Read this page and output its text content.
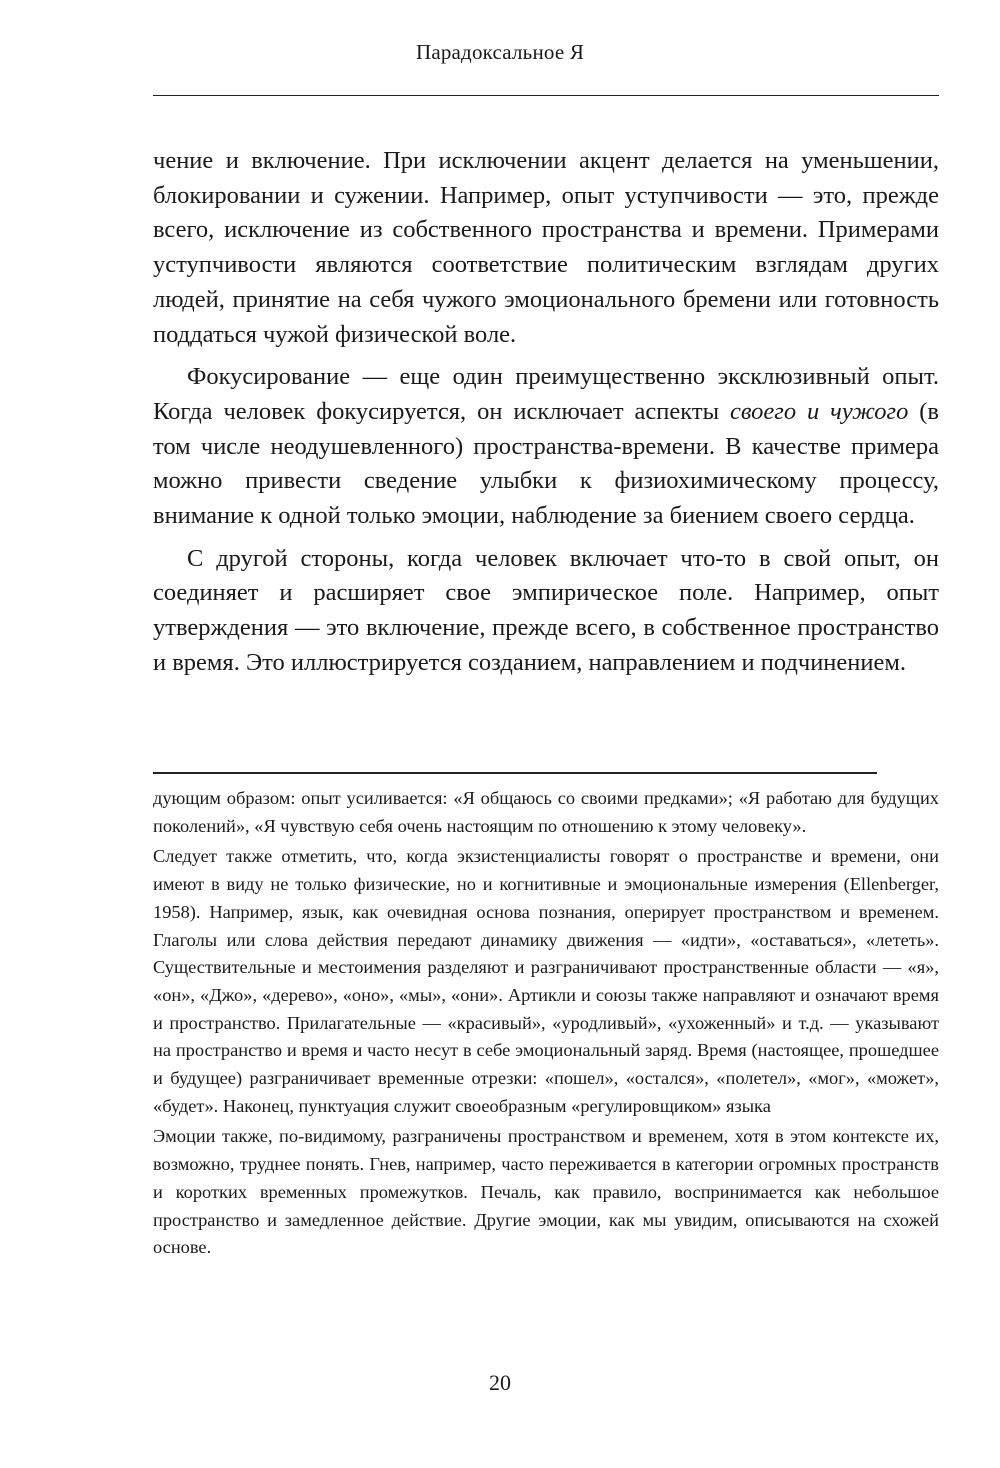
Парадоксальное Я

чение и включение. При исключении акцент делается на уменьшении, блокировании и сужении. Например, опыт уступчивости — это, прежде всего, исключение из собственного пространства и времени. Примерами уступчивости являются соответствие политическим взглядам других людей, принятие на себя чужого эмоционального бремени или готовность поддаться чужой физической воле.

Фокусирование — еще один преимущественно эксклюзивный опыт. Когда человек фокусируется, он исключает аспекты своего и чужого (в том числе неодушевленного) пространства-времени. В качестве примера можно привести сведение улыбки к физиохимическому процессу, внимание к одной только эмоции, наблюдение за биением своего сердца.

С другой стороны, когда человек включает что-то в свой опыт, он соединяет и расширяет свое эмпирическое поле. Например, опыт утверждения — это включение, прежде всего, в собственное пространство и время. Это иллюстрируется созданием, направлением и подчинением.

дующим образом: опыт усиливается: «Я общаюсь со своими предками»; «Я работаю для будущих поколений», «Я чувствую себя очень настоящим по отношению к этому человеку».

Следует также отметить, что, когда экзистенциалисты говорят о пространстве и времени, они имеют в виду не только физические, но и когнитивные и эмоциональные измерения (Ellenberger, 1958). Например, язык, как очевидная основа познания, оперирует пространством и временем. Глаголы или слова действия передают динамику движения — «идти», «оставаться», «лететь». Существительные и местоимения разделяют и разграничивают пространственные области — «я», «он», «Джо», «дерево», «оно», «мы», «они». Артикли и союзы также направляют и означают время и пространство. Прилагательные — «красивый», «уродливый», «ухоженный» и т.д. — указывают на пространство и время и часто несут в себе эмоциональный заряд. Время (настоящее, прошедшее и будущее) разграничивает временные отрезки: «пошел», «остался», «полетел», «мог», «может», «будет». Наконец, пунктуация служит своеобразным «регулировщиком» языка

Эмоции также, по-видимому, разграничены пространством и временем, хотя в этом контексте их, возможно, труднее понять. Гнев, например, часто переживается в категории огромных пространств и коротких временных промежутков. Печаль, как правило, воспринимается как небольшое пространство и замедленное действие. Другие эмоции, как мы увидим, описываются на схожей основе.

20
